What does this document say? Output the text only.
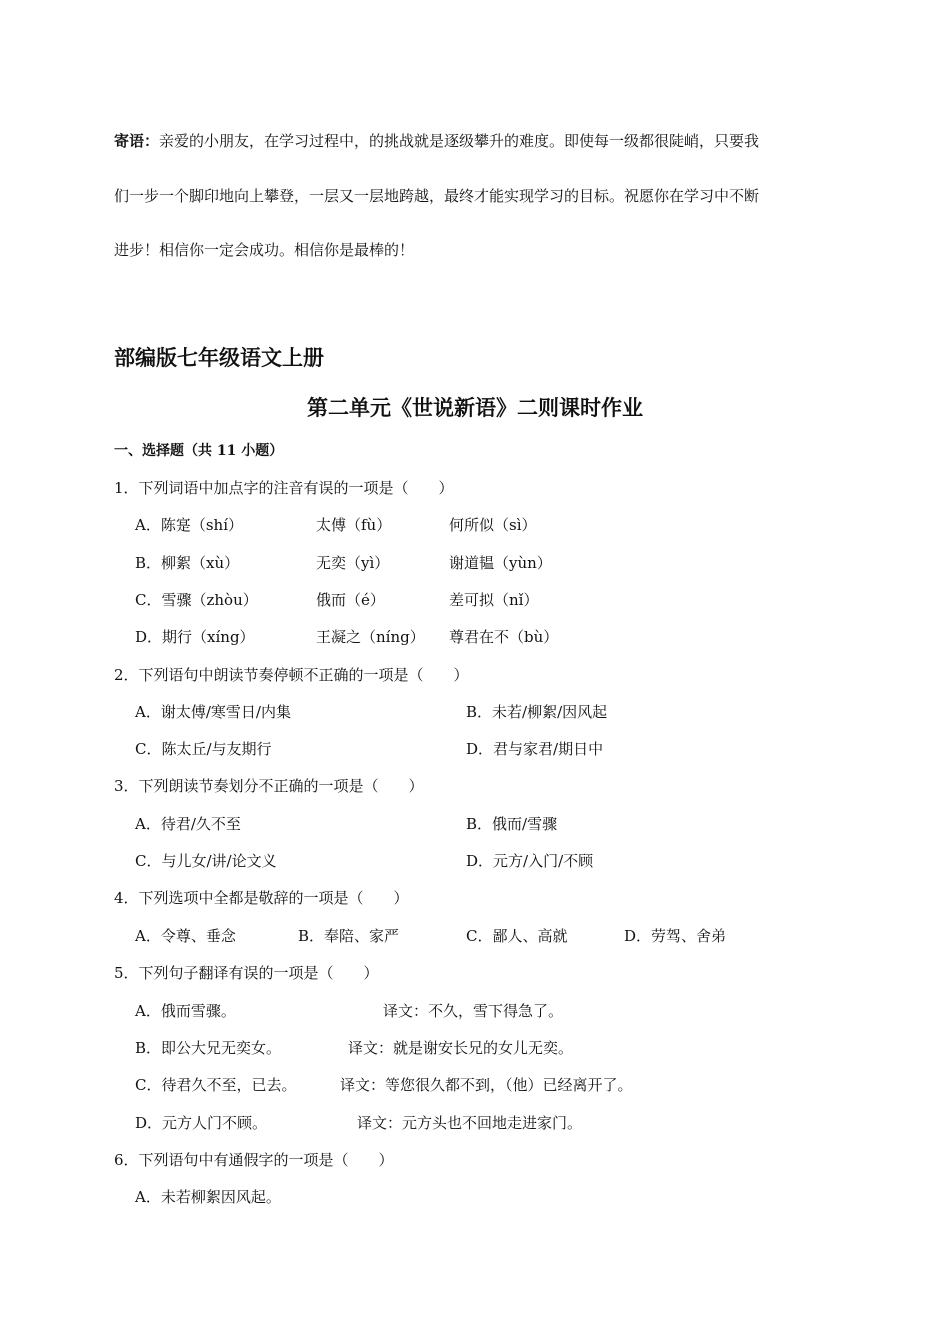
寄语：亲爱的小朋友，在学习过程中，的挑战就是逐级攀升的难度。即使每一级都很陡峭，只要我
们一步一个脚印地向上攀登，一层又一层地跨越，最终才能实现学习的目标。祝愿你在学习中不断
进步！相信你一定会成功。相信你是最棒的！
部编版七年级语文上册
第二单元《世说新语》二则课时作业
一、选择题（共 11 小题）
1．下列词语中加点字的注音有误的一项是（　　）
A．陈寔（shí）	太傅（fù）	何所似（sì）
B．柳絮（xù）	无奕（yì）	谢道韫（yùn）
C．雪骤（zhòu）	俄而（é）	差可拟（nǐ）
D．期行（xíng）	王凝之（níng） 尊君在不（bù）
2．下列语句中朗读节奏停顿不正确的一项是（　　）
A．谢太傅/寒雪日/内集	B．未若/柳絮/因风起
C．陈太丘/与友期行	D．君与家君/期日中
3．下列朗读节奏划分不正确的一项是（　　）
A．待君/久不至	B．俄而/雪骤
C．与儿女/讲/论文义	D．元方/入门/不顾
4．下列选项中全都是敬辞的一项是（　　）
A．令尊、垂念	B．奉陪、家严	C．鄙人、高就	D．劳驾、舍弟
5．下列句子翻译有误的一项是（　　）
A．俄而雪骤。	译文：不久，雪下得急了。
B．即公大兄无奕女。	译文：就是谢安长兄的女儿无奕。
C．待君久不至，已去。	译文：等您很久都不到，（他）已经离开了。
D．元方人门不顾。	译文：元方头也不回地走进家门。
6．下列语句中有通假字的一项是（　　）
A．未若柳絮因风起。
